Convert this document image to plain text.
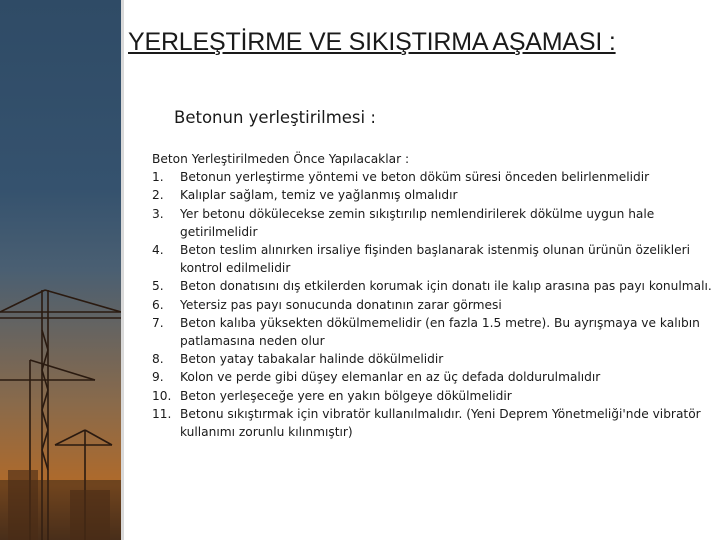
YERLEŞTİRME VE SIKIŞTIRMA AŞAMASI :
Betonun yerleştirilmesi :
Beton Yerleştirilmeden Önce Yapılacaklar :
1.	Betonun yerleştirme yöntemi ve beton döküm süresi önceden belirlenmelidir
2.	Kalıplar sağlam, temiz ve yağlanmış olmalıdır
3.	Yer betonu dökülecekse zemin sıkıştırılıp nemlendirilerek dökülme uygun hale getirilmelidir
4.	Beton teslim alınırken irsaliye fişinden başlanarak istenmiş olunan ürünün özelikleri kontrol edilmelidir
5.	Beton donatısını dış etkilerden korumak için donatı ile kalıp arasına pas payı konulmalı.
6.	Yetersiz pas payı sonucunda donatının zarar görmesi
7.	Beton kalıba yüksekten dökülmemelidir (en fazla 1.5 metre). Bu ayrışmaya ve kalıbın patlamasına neden olur
8.	Beton yatay tabakalar halinde dökülmelidir
9.	Kolon ve perde gibi düşey elemanlar en az üç defada doldurulmalıdır
10. Beton yerleşeceğe yere en yakın bölgeye dökülmelidir
11. Betonu sıkıştırmak için vibratör kullanılmalıdır. (Yeni Deprem Yönetmeliği'nde vibratör kullanımı zorunlu kılınmıştır)
